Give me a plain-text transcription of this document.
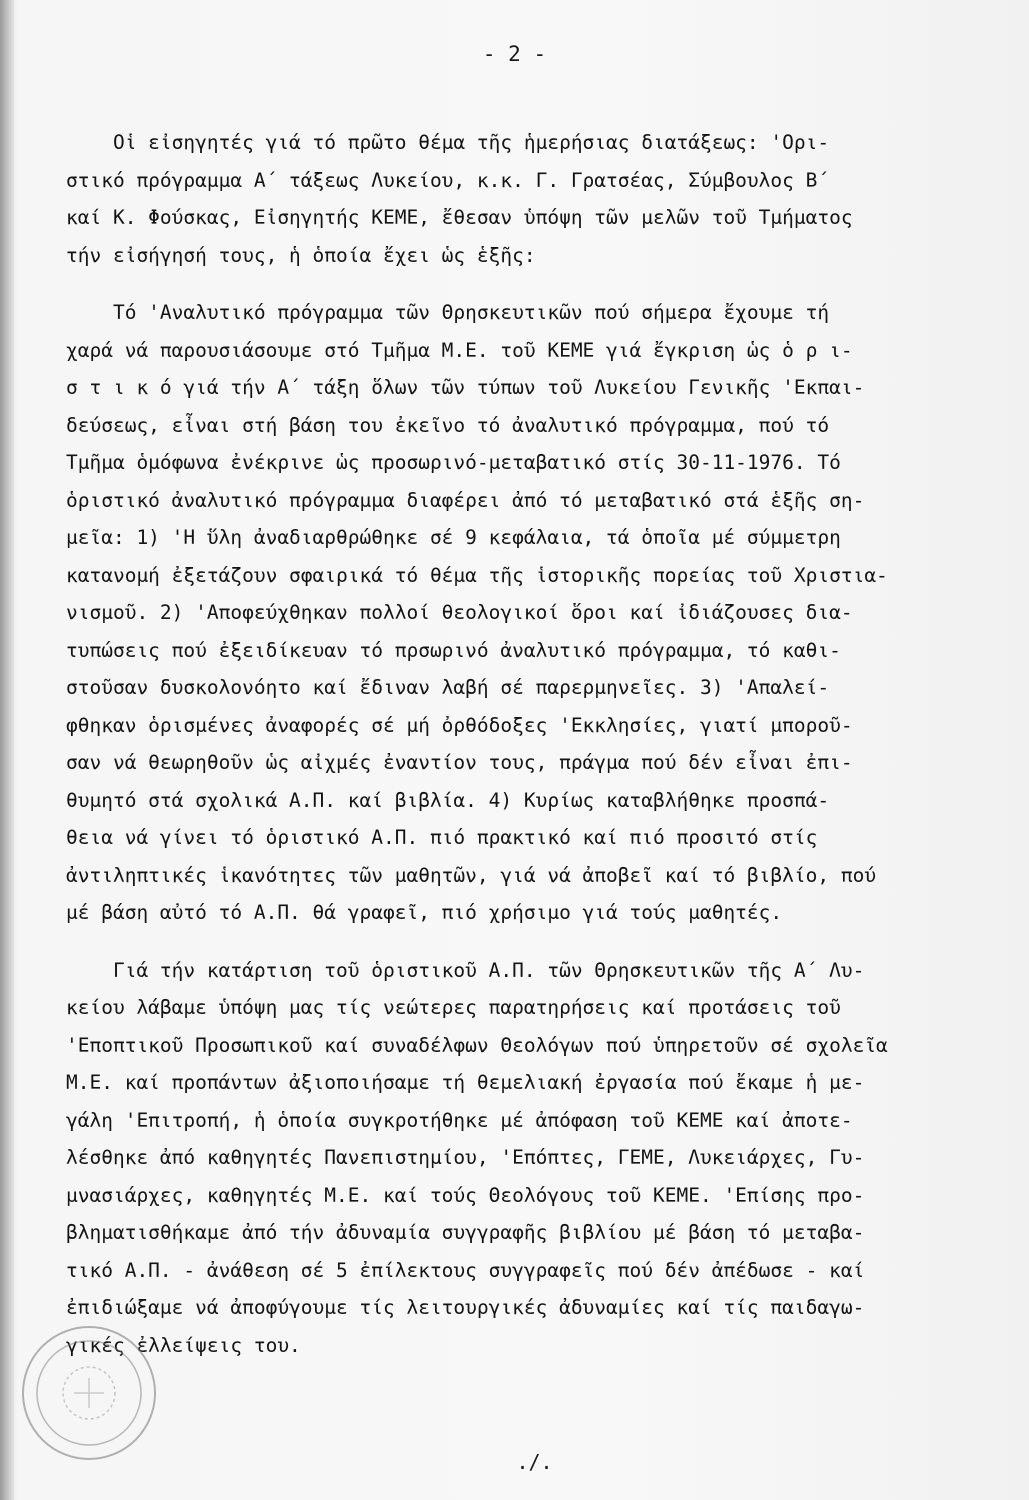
- 2 -
Οἱ εἰσηγητές γιά τό πρῶτο θέμα τῆς ἡμερήσιας διατάξεως: 'Ορι-
στικό πρόγραμμα Α΄ τάξεως Λυκείου, κ.κ. Γ. Γρατσέας, Σύμβουλος Β΄
καί Κ. Φούσκας, Εἰσηγητής ΚΕΜΕ, ἔθεσαν ὑπόψη τῶν μελῶν τοῦ Τμήματος
τήν εἰσήγησή τους, ἡ ὁποία ἔχει ὡς ἑξῆς:
Τό 'Αναλυτικό πρόγραμμα τῶν Θρησκευτικῶν πού σήμερα ἔχουμε τή
χαρά νά παρουσιάσουμε στό Τμῆμα Μ.Ε. τοῦ ΚΕΜΕ γιά ἔγκριση ὡς ὁ ρ ι-
σ τ ι κ ό γιά τήν Α΄ τάξη ὅλων τῶν τύπων τοῦ Λυκείου Γενικῆς 'Εκπαι-
δεύσεως, εἶναι στή βάση του ἐκεῖνο τό ἀναλυτικό πρόγραμμα, πού τό
Τμῆμα ὁμόφωνα ἐνέκρινε ὡς προσωρινό-μεταβατικό στίς 30-11-1976. Τό
ὁριστικό ἀναλυτικό πρόγραμμα διαφέρει ἀπό τό μεταβατικό στά ἑξῆς ση-
μεῖα: 1) 'Η ὕλη ἀναδιαρθρώθηκε σέ 9 κεφάλαια, τά ὁποῖα μέ σύμμετρη
κατανομή ἐξετάζουν σφαιρικά τό θέμα τῆς ἱστορικῆς πορείας τοῦ Χριστια-
νισμοῦ. 2) 'Αποφεύχθηκαν πολλοί θεολογικοί ὅροι καί ἰδιάζουσες δια-
τυπώσεις πού ἐξειδίκευαν τό πρσωρινό ἀναλυτικό πρόγραμμα, τό καθι-
στοῦσαν δυσκολονόητο καί ἔδιναν λαβή σέ παρερμηνεῖες. 3) 'Απαλεί-
φθηκαν ὁρισμένες ἀναφορές σέ μή ὀρθόδοξες 'Εκκλησίες, γιατί μποροῦ-
σαν νά θεωρηθοῦν ὡς αἰχμές ἐναντίον τους, πράγμα πού δέν εἶναι ἐπι-
θυμητό στά σχολικά Α.Π. καί βιβλία. 4) Κυρίως καταβλήθηκε προσπά-
θεια νά γίνει τό ὁριστικό Α.Π. πιό πρακτικό καί πιό προσιτό στίς
ἀντιληπτικές ἱκανότητες τῶν μαθητῶν, γιά νά ἀποβεῖ καί τό βιβλίο, πού
μέ βάση αὐτό τό Α.Π. θά γραφεῖ, πιό χρήσιμο γιά τούς μαθητές.
Γιά τήν κατάρτιση τοῦ ὁριστικοῦ Α.Π. τῶν Θρησκευτικῶν τῆς Α΄ Λυ-
κείου λάβαμε ὑπόψη μας τίς νεώτερες παρατηρήσεις καί προτάσεις τοῦ
'Εποπτικοῦ Προσωπικοῦ καί συναδέλφων Θεολόγων πού ὑπηρετοῦν σέ σχολεῖα
Μ.Ε. καί προπάντων ἀξιοποιήσαμε τή θεμελιακή ἐργασία πού ἔκαμε ἡ με-
γάλη 'Επιτροπή, ἡ ὁποία συγκροτήθηκε μέ ἀπόφαση τοῦ ΚΕΜΕ καί ἀποτε-
λέσθηκε ἀπό καθηγητές Πανεπιστημίου, 'Επόπτες, ΓΕΜΕ, Λυκειάρχες, Γυ-
μνασιάρχες, καθηγητές Μ.Ε. καί τούς Θεολόγους τοῦ ΚΕΜΕ. 'Επίσης προ-
βληματισθήκαμε ἀπό τήν ἀδυναμία συγγραφῆς βιβλίου μέ βάση τό μεταβα-
τικό Α.Π. - ἀνάθεση σέ 5 ἐπίλεκτους συγγραφεῖς πού δέν ἀπέδωσε - καί
ἐπιδιώξαμε νά ἀποφύγουμε τίς λειτουργικές ἀδυναμίες καί τίς παιδαγω-
γικές ἐλλείψεις του.
./.
